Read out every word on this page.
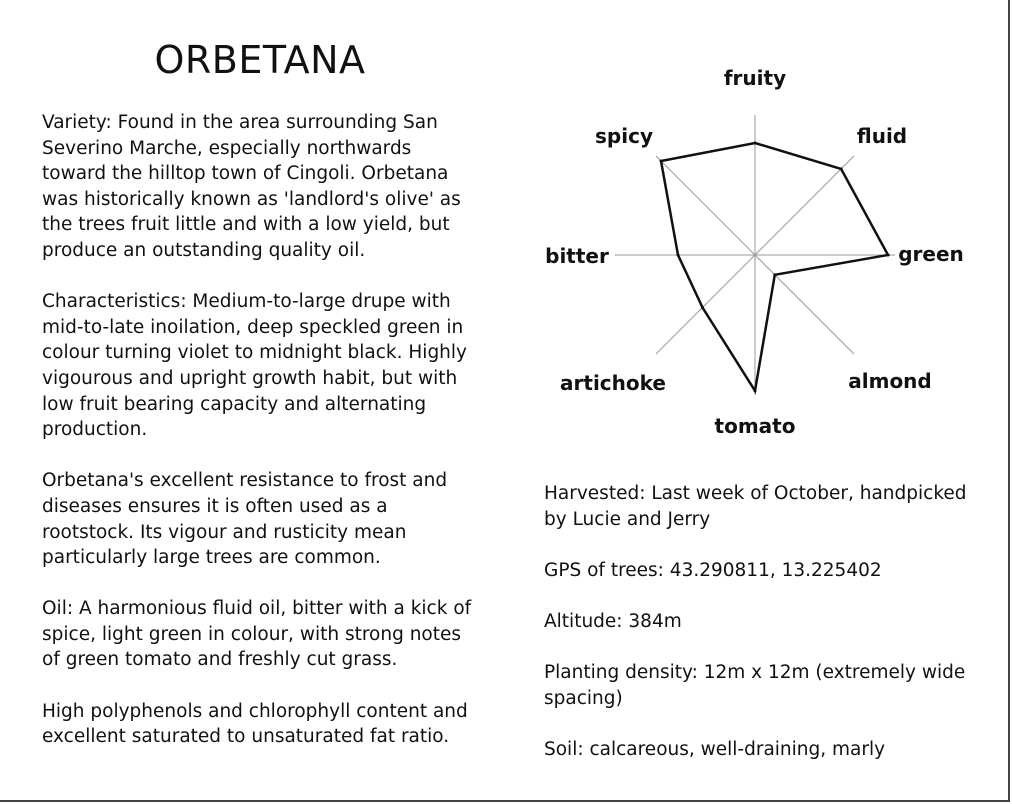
ORBETANA

Variety: Found in the area surrounding San Severino Marche, especially northwards toward the hilltop town of Cingoli. Orbetana was historically known as 'landlord's olive' as the trees fruit little and with a low yield, but produce an outstanding quality oil.

Characteristics: Medium-to-large drupe with mid-to-late inoilation, deep speckled green in colour turning violet to midnight black. Highly vigourous and upright growth habit, but with low fruit bearing capacity and alternating production.

Orbetana's excellent resistance to frost and diseases ensures it is often used as a rootstock. Its vigour and rusticity mean particularly large trees are common.

Oil: A harmonious fluid oil, bitter with a kick of spice, light green in colour, with strong notes of green tomato and freshly cut grass.

High polyphenols and chlorophyll content and excellent saturated to unsaturated fat ratio.

fruity
fluid
green
almond
tomato
artichoke
bitter
spicy

Harvested: Last week of October, handpicked by Lucie and Jerry

GPS of trees: 43.290811, 13.225402

Altitude: 384m

Planting density: 12m x 12m (extremely wide spacing)

Soil: calcareous, well-draining, marly
